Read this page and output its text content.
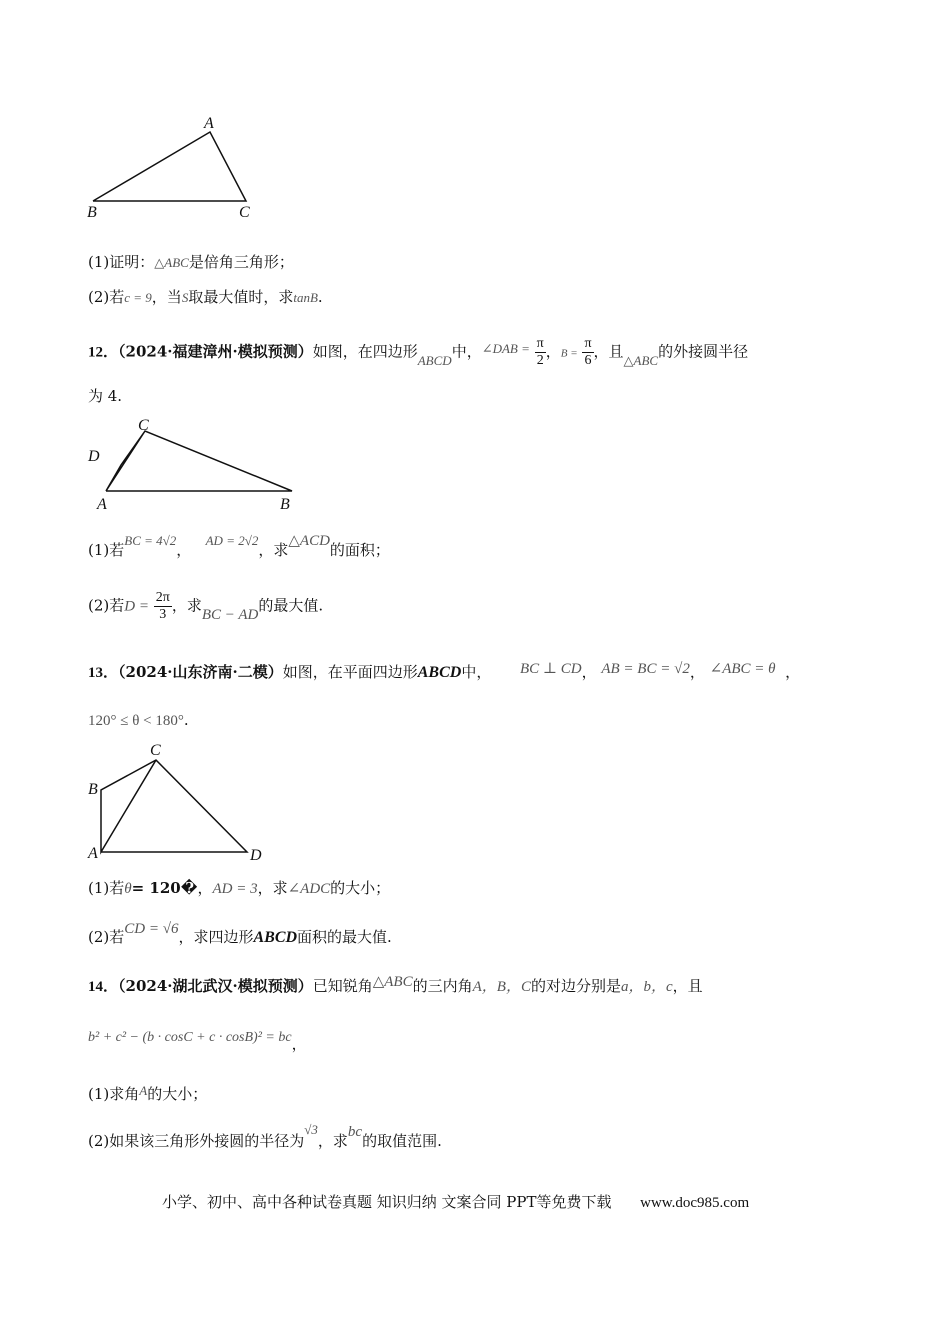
A
B	C
(1)证明：△ABC是倍角三角形；
(2)若c = 9，当S取最大值时，求tanB.
12．（2024·福建漳州·模拟预测）如图，在四边形ABCD中，∠DAB = $\frac{\pi}{2}$ ，$B = \frac{\pi}{6}$ ，且△ABC的外接圆半径
为 4.
C
D
A	B
(1)若BC = 4√2，   AD = 2√2，求△ACD的面积；
(2)若$D = \frac{2\pi}{3}$ ，求BC − AD的最大值.
13．（2024·山东济南·二模）如图，在平面四边形ABCD中， BC ⊥ CD， AB = BC = √2， ∠ABC = θ ，
120° ≤ θ < 180°.
C
B
A	D
(1)若θ= 120�，AD = 3，求∠ADC的大小；
(2)若CD = √6，求四边形ABCD面积的最大值.
14．（2024·湖北武汉·模拟预测）已知锐角△ABC的三内角A，B，C的对边分别是a，b，c，且
b² + c² − (b · cosC + c · cosB)² = bc，
(1)求角A的大小；
(2)如果该三角形外接圆的半径为√3，求bc的取值范围.
小学、初中、高中各种试卷真题 知识归纳 文案合同 PPT等免费下载 www.doc985.com
